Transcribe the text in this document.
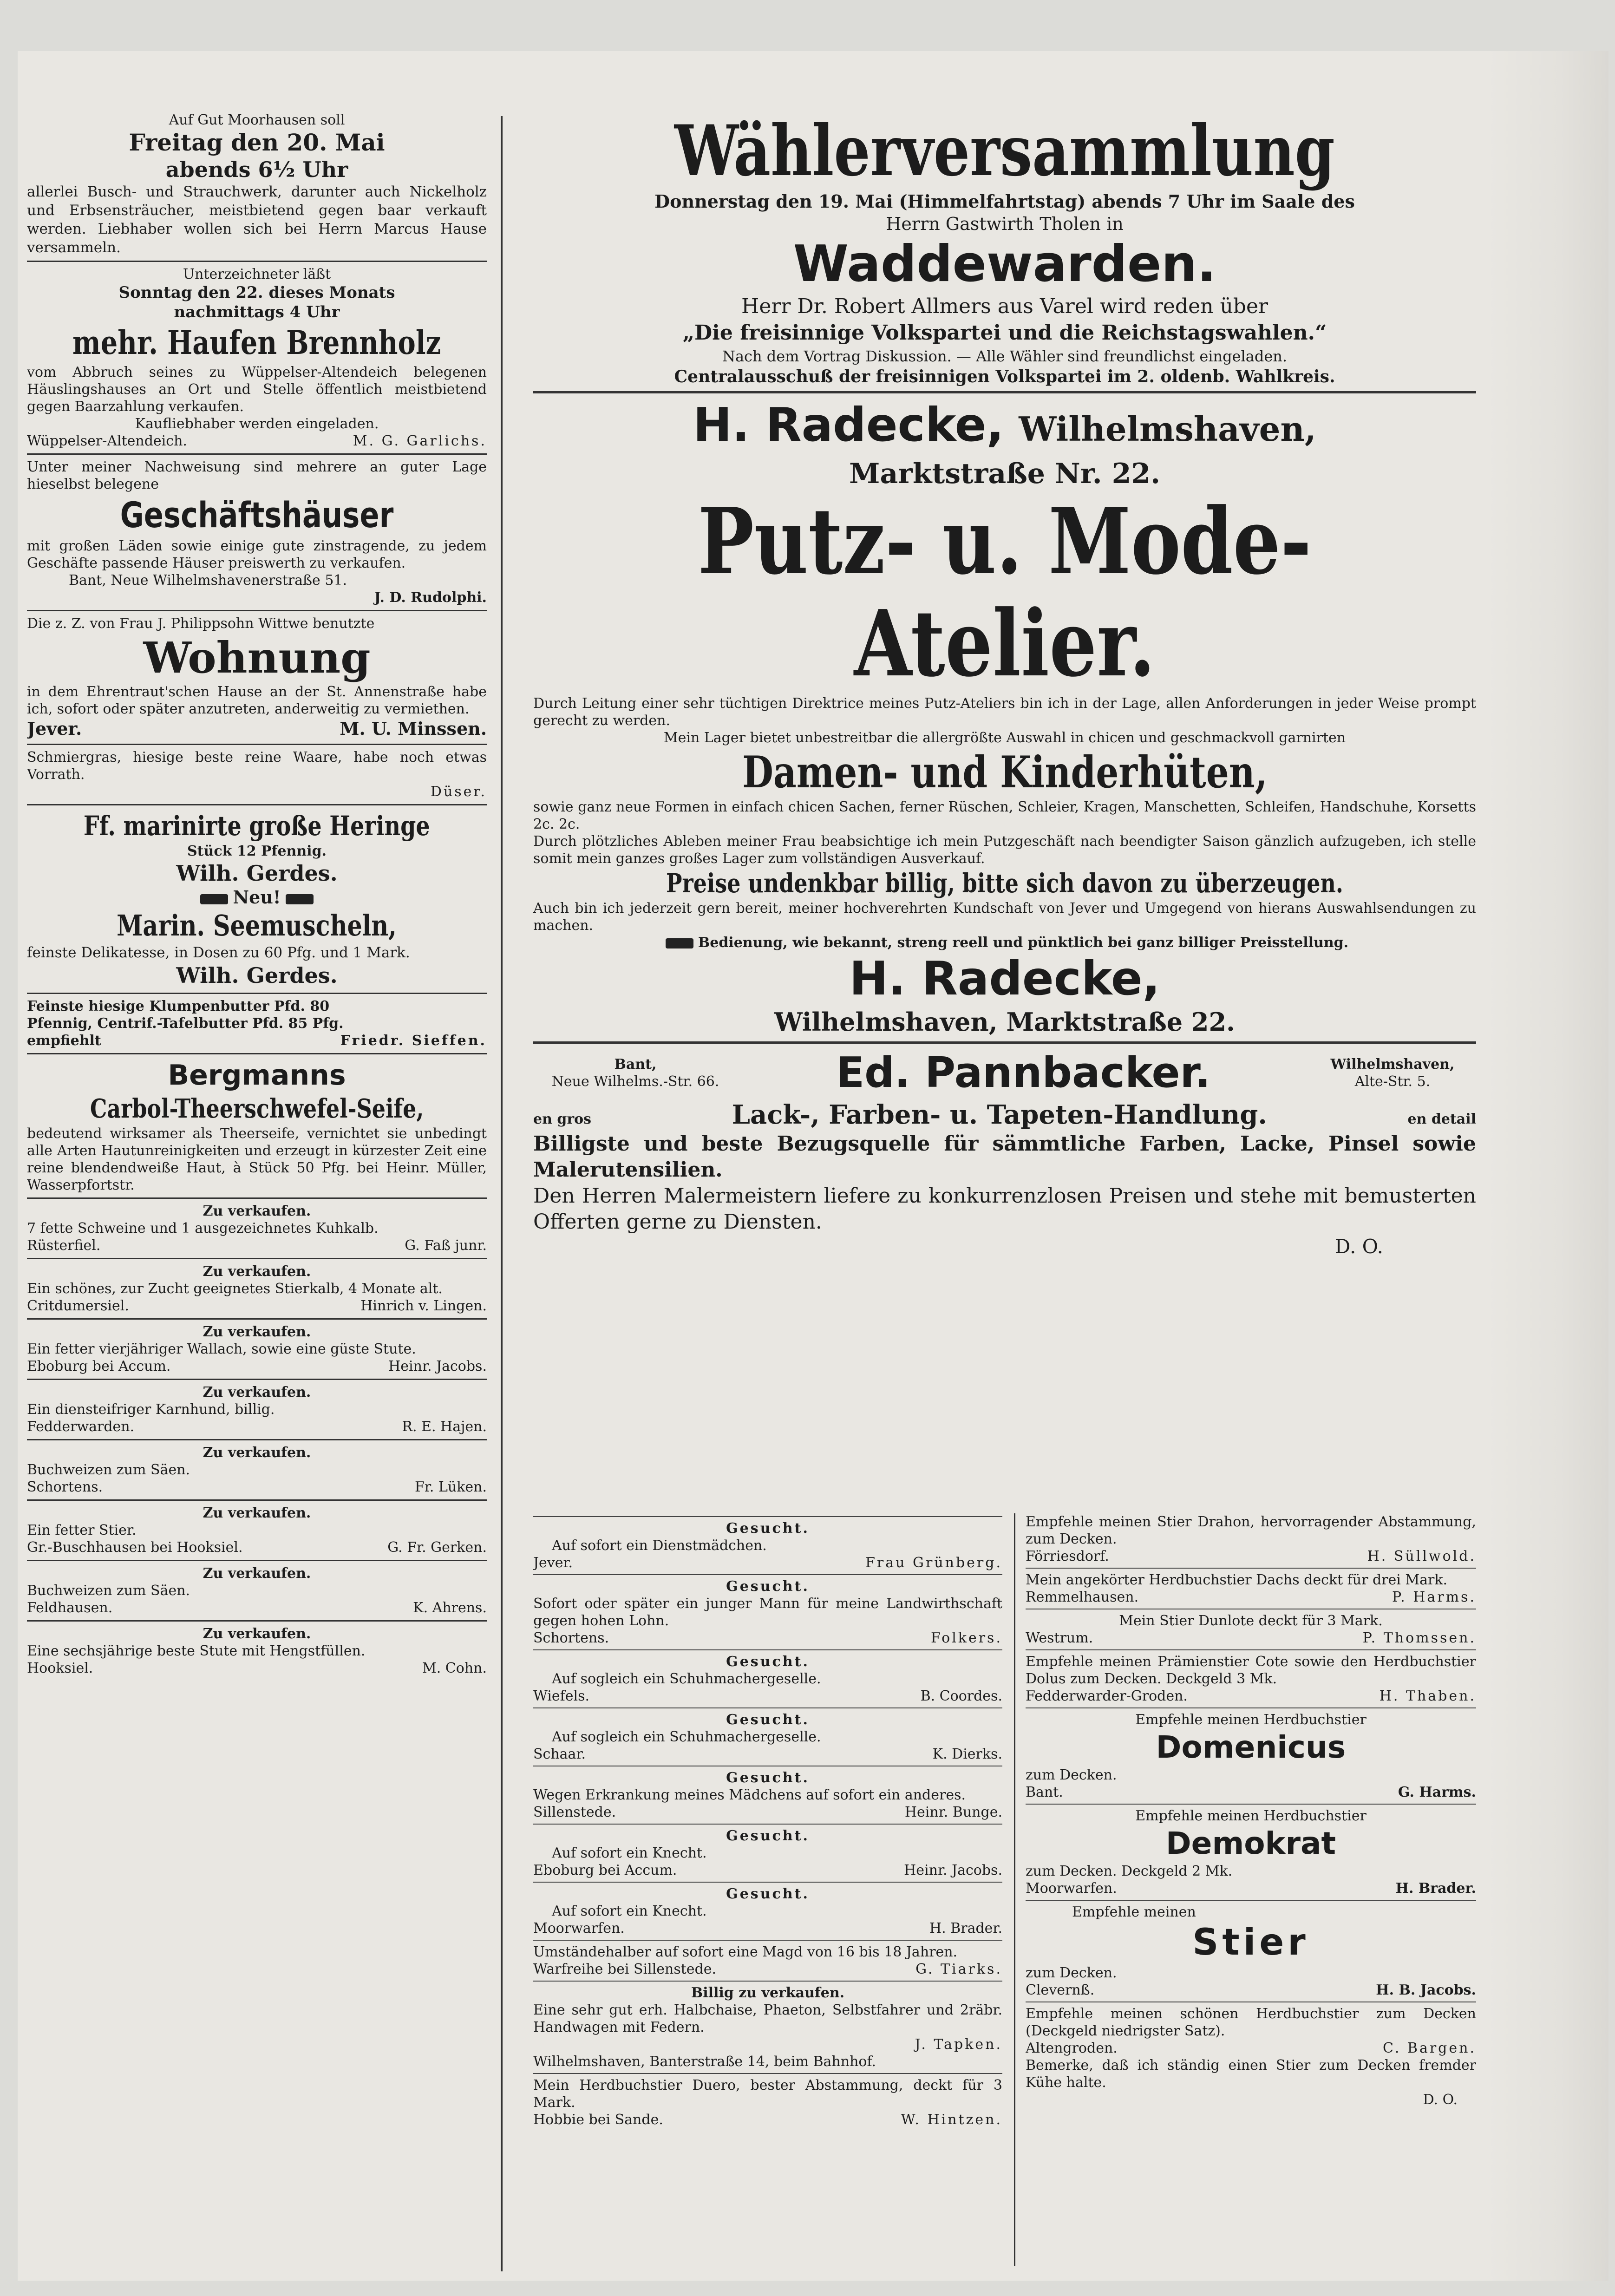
Auf Gut Moorhausen soll

Freitag den 20. Mai

abends 6½ Uhr

allerlei Busch- und Strauchwerk, darunter auch Nickelholz und Erbsensträucher, meistbietend gegen baar verkauft werden. Liebhaber wollen sich bei Herrn Marcus Hause versammeln.

Unterzeichneter läßt

Sonntag den 22. dieses Monats

nachmittags 4 Uhr

mehr. Haufen Brennholz

vom Abbruch seines zu Wüppelser-Altendeich belegenen Häuslingshauses an Ort und Stelle öffentlich meistbietend gegen Baarzahlung verkaufen.

Kaufliebhaber werden eingeladen.

Wüppelser-Altendeich.	M. G. Garlichs.

Unter meiner Nachweisung sind mehrere an guter Lage hieselbst belegene

Geschäftshäuser

mit großen Läden sowie einige gute zinstragende, zu jedem Geschäfte passende Häuser preiswerth zu verkaufen.

Bant, Neue Wilhelmshavenerstraße 51.

J. D. Rudolphi.

Die z. Z. von Frau J. Philippsohn Wittwe benutzte

Wohnung

in dem Ehrentraut'schen Hause an der St. Annenstraße habe ich, sofort oder später anzutreten, anderweitig zu vermiethen.

Jever.	M. U. Minssen.

Schmiergras, hiesige beste reine Waare, habe noch etwas Vorrath.

Düser.

Ff. marinirte große Heringe

Stück 12 Pfennig.

Wilh. Gerdes.

Neu!

Marin. Seemuscheln,

feinste Delikatesse, in Dosen zu 60 Pfg. und 1 Mark.

Wilh. Gerdes.

Feinste hiesige Klumpenbutter Pfd. 80

Pfennig, Centrif.-Tafelbutter Pfd. 85 Pfg.

empfiehlt	Friedr. Sieffen.

Bergmanns

Carbol-Theerschwefel-Seife,

bedeutend wirksamer als Theerseife, vernichtet sie unbedingt alle Arten Hautunreinigkeiten und erzeugt in kürzester Zeit eine reine blendendweiße Haut, à Stück 50 Pfg. bei Heinr. Müller, Wasserpfortstr.

Zu verkaufen.

7 fette Schweine und 1 ausgezeichnetes Kuhkalb.

Rüsterfiel.	G. Faß junr.

Zu verkaufen.

Ein schönes, zur Zucht geeignetes Stierkalb, 4 Monate alt.

Critdumersiel.	Hinrich v. Lingen.

Zu verkaufen.

Ein fetter vierjähriger Wallach, sowie eine güste Stute.

Eboburg bei Accum.	Heinr. Jacobs.

Zu verkaufen.

Ein diensteifriger Karnhund, billig.

Fedderwarden.	R. E. Hajen.

Zu verkaufen.

Buchweizen zum Säen.

Schortens.	Fr. Lüken.

Zu verkaufen.

Ein fetter Stier.

Gr.-Buschhausen bei Hooksiel.	G. Fr. Gerken.

Zu verkaufen.

Buchweizen zum Säen.

Feldhausen.	K. Ahrens.

Zu verkaufen.

Eine sechsjährige beste Stute mit Hengstfüllen.

Hooksiel.	M. Cohn.

Wählerversammlung

Donnerstag den 19. Mai (Himmelfahrtstag) abends 7 Uhr im Saale des

Herrn Gastwirth Tholen in

Waddewarden.

Herr Dr. Robert Allmers aus Varel wird reden über

„Die freisinnige Volkspartei und die Reichstagswahlen.“

Nach dem Vortrag Diskussion. — Alle Wähler sind freundlichst eingeladen.

Centralausschuß der freisinnigen Volkspartei im 2. oldenb. Wahlkreis.

H. Radecke, Wilhelmshaven,

Marktstraße Nr. 22.

Putz- u. Mode-Atelier.

Durch Leitung einer sehr tüchtigen Direktrice meines Putz-Ateliers bin ich in der Lage, allen Anforderungen in jeder Weise prompt gerecht zu werden.

Mein Lager bietet unbestreitbar die allergrößte Auswahl in chicen und geschmackvoll garnirten

Damen- und Kinderhüten,

sowie ganz neue Formen in einfach chicen Sachen, ferner Rüschen, Schleier, Kragen, Manschetten, Schleifen, Handschuhe, Korsetts 2c. 2c.

Durch plötzliches Ableben meiner Frau beabsichtige ich mein Putzgeschäft nach beendigter Saison gänzlich aufzugeben, ich stelle somit mein ganzes großes Lager zum vollständigen Ausverkauf.

Preise undenkbar billig, bitte sich davon zu überzeugen.

Auch bin ich jederzeit gern bereit, meiner hochverehrten Kundschaft von Jever und Umgegend von hierans Auswahlsendungen zu machen.

Bedienung, wie bekannt, streng reell und pünktlich bei ganz billiger Preisstellung.

H. Radecke,

Wilhelmshaven, Marktstraße 22.

Bant,

Neue Wilhelms.-Str. 66.	Ed. Pannbacker.	Wilhelmshaven,

Alte-Str. 5.

en gros	Lack-, Farben- u. Tapeten-Handlung.	en detail

Billigste und beste Bezugsquelle für sämmtliche Farben, Lacke, Pinsel sowie Malerutensilien.

Den Herren Malermeistern liefere zu konkurrenzlosen Preisen und stehe mit bemusterten Offerten gerne zu Diensten.

D. O.

Gesucht.

Auf sofort ein Dienstmädchen.

Jever.	Frau Grünberg.

Gesucht.

Sofort oder später ein junger Mann für meine Landwirthschaft gegen hohen Lohn.

Schortens.	Folkers.

Gesucht.

Auf sogleich ein Schuhmachergeselle.

Wiefels.	B. Coordes.

Gesucht.

Auf sogleich ein Schuhmachergeselle.

Schaar.	K. Dierks.

Gesucht.

Wegen Erkrankung meines Mädchens auf sofort ein anderes.

Sillenstede.	Heinr. Bunge.

Gesucht.

Auf sofort ein Knecht.

Eboburg bei Accum.	Heinr. Jacobs.

Gesucht.

Auf sofort ein Knecht.

Moorwarfen.	H. Brader.

Umständehalber auf sofort eine Magd von 16 bis 18 Jahren.

Warfreihe bei Sillenstede.	G. Tiarks.

Billig zu verkaufen.

Eine sehr gut erh. Halbchaise, Phaeton, Selbstfahrer und 2räbr. Handwagen mit Federn.

J. Tapken.

Wilhelmshaven, Banterstraße 14, beim Bahnhof.

Mein Herdbuchstier Duero, bester Abstammung, deckt für 3 Mark.

Hobbie bei Sande.	W. Hintzen.

Empfehle meinen Stier Drahon, hervorragender Abstammung, zum Decken.

Förriesdorf.	H. Süllwold.

Mein angekörter Herdbuchstier Dachs deckt für drei Mark.

Remmelhausen.	P. Harms.

Mein Stier Dunlote deckt für 3 Mark.

Westrum.	P. Thomssen.

Empfehle meinen Prämienstier Cote sowie den Herdbuchstier Dolus zum Decken. Deckgeld 3 Mk.

Fedderwarder-Groden.	H. Thaben.

Empfehle meinen Herdbuchstier

Domenicus

zum Decken.

Bant.	G. Harms.

Empfehle meinen Herdbuchstier

Demokrat

zum Decken. Deckgeld 2 Mk.

Moorwarfen.	H. Brader.

Empfehle meinen

Stier

zum Decken.

Clevernß.	H. B. Jacobs.

Empfehle meinen schönen Herdbuchstier zum Decken (Deckgeld niedrigster Satz).

Altengroden.	C. Bargen.

Bemerke, daß ich ständig einen Stier zum Decken fremder Kühe halte.

D. O.
